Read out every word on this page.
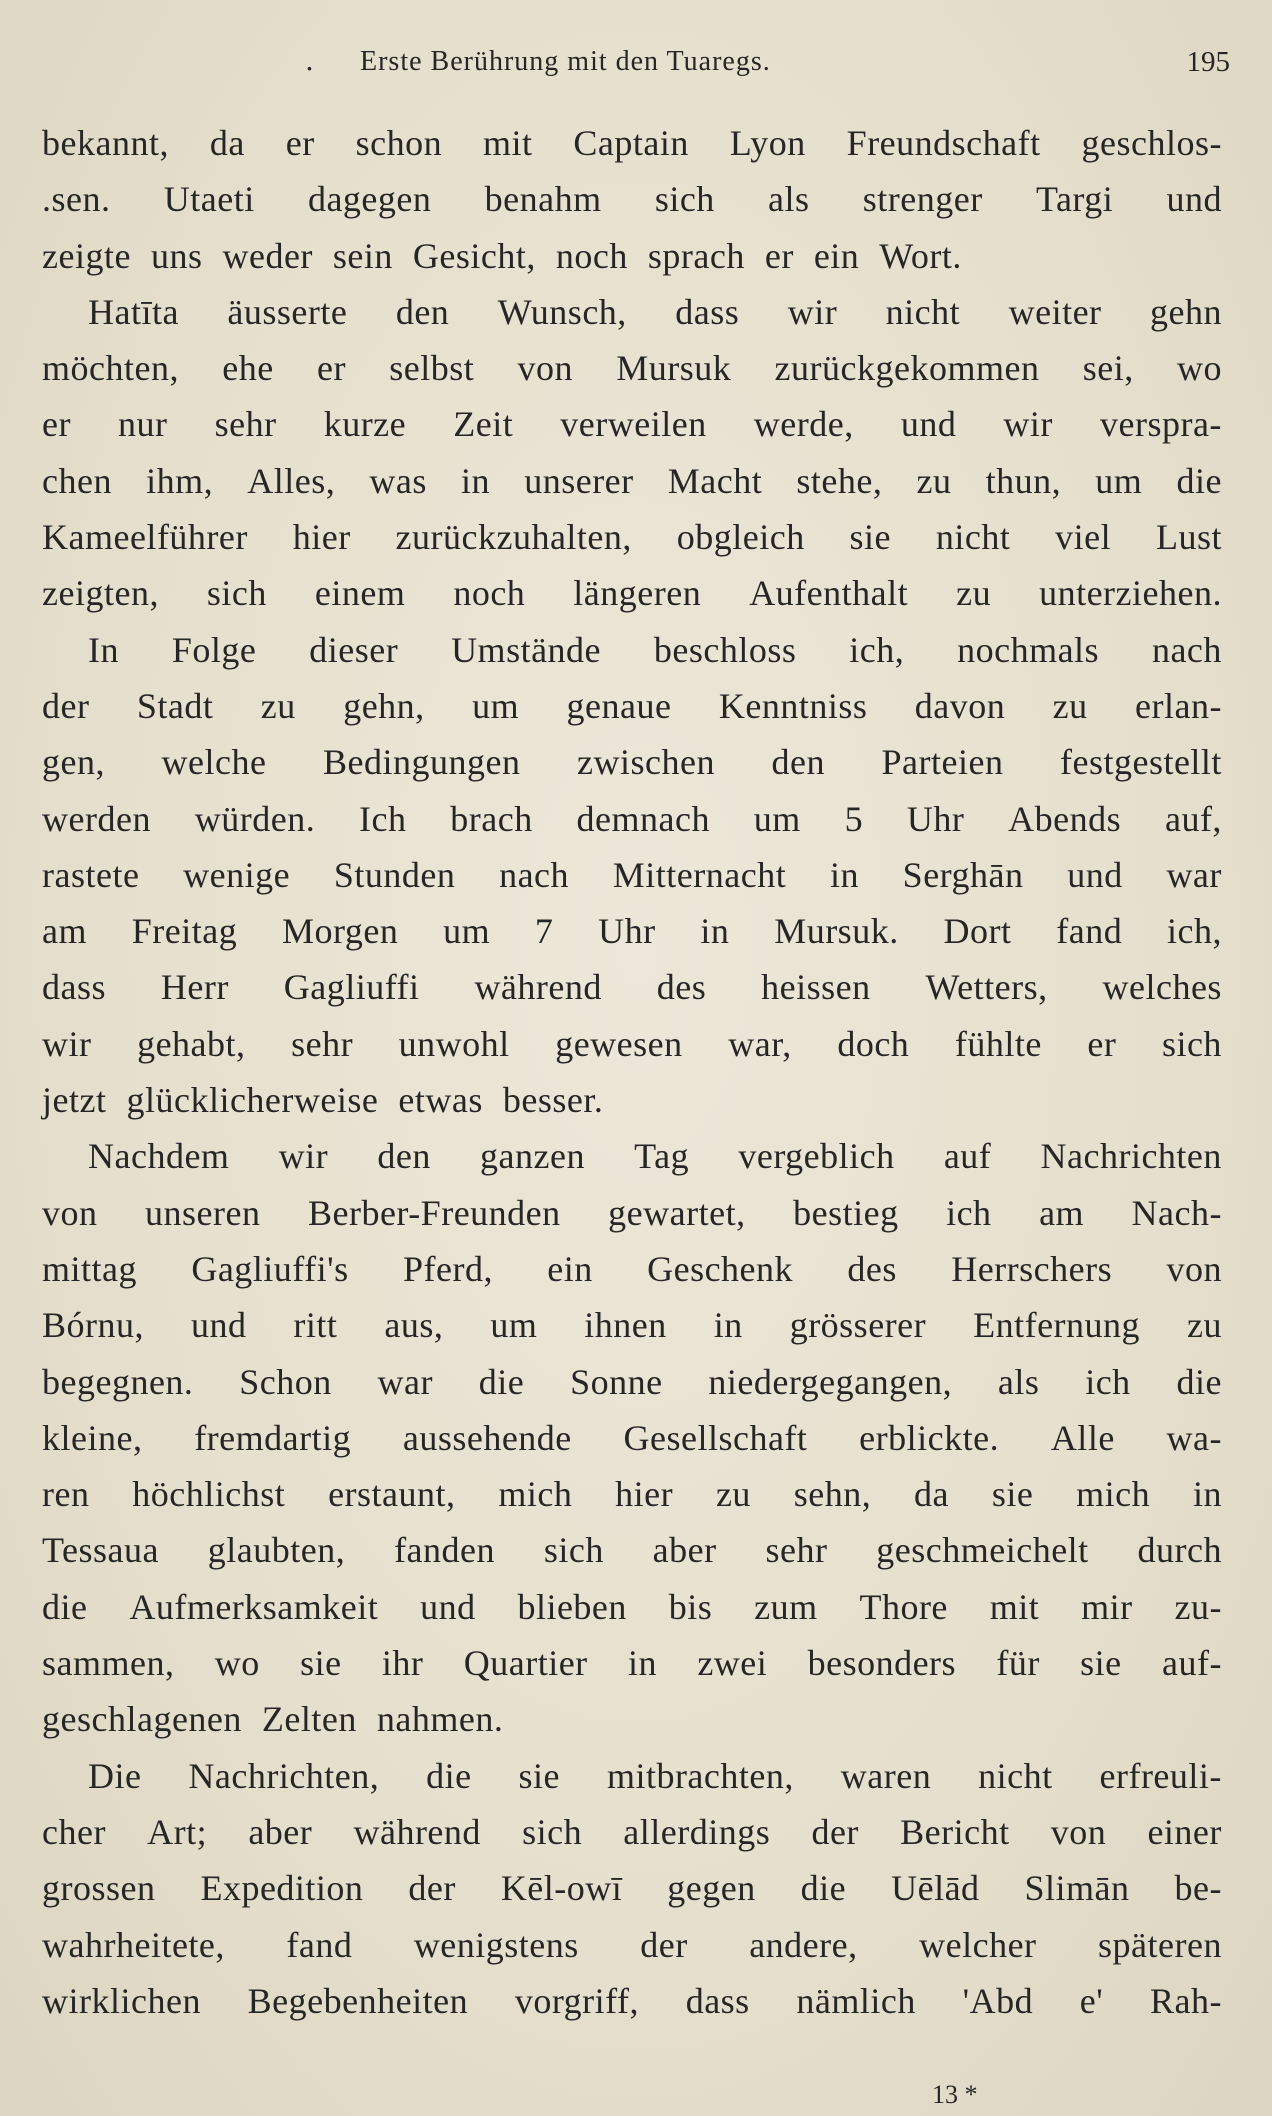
. Erste Berührung mit den Tuaregs.	195
bekannt, da er schon mit Captain Lyon Freundschaft geschlos-
.sen. Utaeti dagegen benahm sich als strenger Targi und
zeigte uns weder sein Gesicht, noch sprach er ein Wort.
Hatīta äusserte den Wunsch, dass wir nicht weiter gehn
möchten, ehe er selbst von Mursuk zurückgekommen sei, wo
er nur sehr kurze Zeit verweilen werde, und wir verspra-
chen ihm, Alles, was in unserer Macht stehe, zu thun, um die
Kameelführer hier zurückzuhalten, obgleich sie nicht viel Lust
zeigten, sich einem noch längeren Aufenthalt zu unterziehen.
In Folge dieser Umstände beschloss ich, nochmals nach
der Stadt zu gehn, um genaue Kenntniss davon zu erlan-
gen, welche Bedingungen zwischen den Parteien festgestellt
werden würden. Ich brach demnach um 5 Uhr Abends auf,
rastete wenige Stunden nach Mitternacht in Serghān und war
am Freitag Morgen um 7 Uhr in Mursuk. Dort fand ich,
dass Herr Gagliuffi während des heissen Wetters, welches
wir gehabt, sehr unwohl gewesen war, doch fühlte er sich
jetzt glücklicherweise etwas besser.
Nachdem wir den ganzen Tag vergeblich auf Nachrichten
von unseren Berber-Freunden gewartet, bestieg ich am Nach-
mittag Gagliuffi's Pferd, ein Geschenk des Herrschers von
Bórnu, und ritt aus, um ihnen in grösserer Entfernung zu
begegnen. Schon war die Sonne niedergegangen, als ich die
kleine, fremdartig aussehende Gesellschaft erblickte. Alle wa-
ren höchlichst erstaunt, mich hier zu sehn, da sie mich in
Tessaua glaubten, fanden sich aber sehr geschmeichelt durch
die Aufmerksamkeit und blieben bis zum Thore mit mir zu-
sammen, wo sie ihr Quartier in zwei besonders für sie auf-
geschlagenen Zelten nahmen.
Die Nachrichten, die sie mitbrachten, waren nicht erfreuli-
cher Art; aber während sich allerdings der Bericht von einer
grossen Expedition der Kēl-owī gegen die Uēlād Slimān be-
wahrheitete, fand wenigstens der andere, welcher späteren
wirklichen Begebenheiten vorgriff, dass nämlich 'Abd e' Rah-
13 *
